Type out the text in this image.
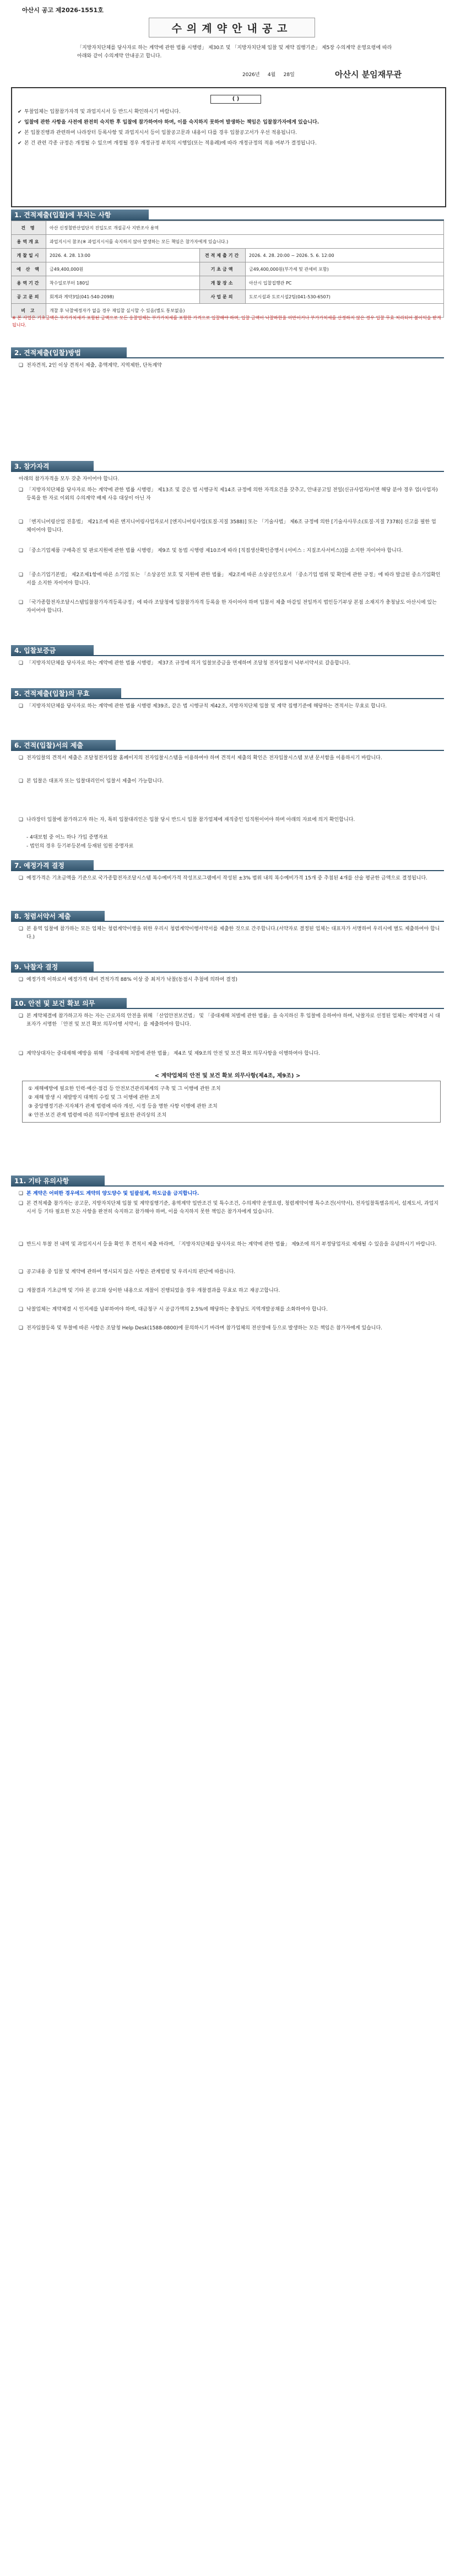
아산시 공고 제2026-1551호
수의계약안내공고
「지방자치단체를 당사자로 하는 계약에 관한 법률 시행령」 제30조 및 「지방자치단체 입찰 및 계약 집행기준」 제5장 수의계약 운영요령에 따라 아래와 같이 수의계약 안내공고 합니다.
2026년 4월 28일	아산시 분임재무관
( )
✔ 투찰업체는 입찰참가자격 및 과업지시서 등 반드시 확인하시기 바랍니다.
✔ 입찰에 관한 사항을 사전에 완전히 숙지한 후 입찰에 참가하여야 하며, 이를 숙지하지 못하여 발생하는 책임은 입찰참가자에게 있습니다.
✔ 본 입찰진행과 관련하여 나라장터 등록사항 및 과업지시서 등이 입찰공고문과 내용이 다를 경우 입찰공고서가 우선 적용됩니다.
✔ 본 건 관련 각종 규정은 개정될 수 있으며 개정될 경우 개정규정 부칙의 시행일(또는 적용례)에 따라 개정규정의 적용 여부가 결정됩니다.
1. 견적제출(입찰)에 부치는 사항
건 명	아산 신정철반산업단지 진입도로 개설공사 지반조사 용역		
용역개요	과업지시서 참조(※ 과업지시서를 숙지하지 않아 발생하는 모든 책임은 참가자에게 있습니다.)		
개찰일시	2026. 4. 28. 13:00	견적제출기간	2026. 4. 28. 20:00 ~ 2026. 5. 6. 12:00
예 산 액	금49,400,000원	기초금액	금49,400,000원(부가세 및 관세비 포함)
용역기간	착수일로부터 180일	개찰장소	아산시 입찰집행관 PC
공고문의	회계과 계약3팀(041-540-2098)	사업문의	도로시설과 도로시설2팀(041-530-6507)
비 고	개찰 후 낙찰예정자가 없을 경우 재입찰 실시할 수 있음(별도 통보없음)		
※ 본 사업은 기초금액은 부가가치세가 포함된 금액으로 모든 응찰업체는 부가가치세를 포함한 가격으로 입찰해야 하며, 입찰 금액이 낙찰하한율 미만이거나 부가가치세를 산정하지 않은 경우 입찰 무효 처리되어 불이익을 받게 됩니다.
2. 견적제출(입찰)방법
❏ 전자견적, 2인 이상 견적서 제출, 총액계약, 지역제한, 단독계약
3. 참가자격
아래의 참가자격을 모두 갖춘 자이어야 합니다.
❏ 「지방자치단체를 당사자로 하는 계약에 관한 법률 시행령」 제13조 및 같은 법 시행규칙 제14조 규정에 의한 자격요건을 갖추고, 안내공고일 전일(신규사업자)이면 해당 분야 경우 업(사업자)등록을 한 자로 이외의 수의계약 배제 사유 대상이 아닌 자
❏ 「엔지니어링산업 진흥법」 제21조에 따른 엔지니어링사업자로서 [엔지니어링사업(토질·지질 3588)] 또는 「기술사법」 제6조 규정에 의한 [기술사사무소(토질·지질 7378)] 신고를 필한 업체이어야 합니다.
❏ 「중소기업제품 구매촉진 및 판로지원에 관한 법률 시행령」 제9조 및 동법 시행령 제10조에 따라 [직접생산확인증명서 (서비스 : 지질조사서비스)]를 소지한 자이어야 합니다.
❏ 「중소기업기본법」 제2조제1항에 따른 소기업 또는 「소상공인 보호 및 지원에 관한 법률」 제2조에 따른 소상공인으로서 「중소기업 범위 및 확인에 관한 규정」에 따라 발급된 중소기업확인서를 소지한 자이어야 합니다.
❏ 「국가종합전자조달시스템입찰참가자격등록규정」에 따라 조달청에 입찰참가자격 등록을 한 자이어야 하며 입찰서 제출 마감일 전일까지 법인등기부상 본점 소재지가 충청남도 아산시에 있는 자이어야 합니다.
4. 입찰보증금
❏ 「지방자치단체를 당사자로 하는 계약에 관한 법률 시행령」 제37조 규정에 의거 입찰보증금을 면제하며 조달청 전자입찰서 낙부서약서로 갈음합니다.
5. 견적제출(입찰)의 무효
❏ 「지방자치단체를 당사자로 하는 계약에 관한 법률 시행령 제39조, 같은 법 시행규칙 제42조, 지방자치단체 입찰 및 계약 집행기준에 해당하는 견적서는 무효로 합니다.
6. 견적(입찰)서의 제출
❏ 전자입찰의 견적서 제출은 조달청전자입찰 홈페이지의 전자입찰시스템을 이용하여야 하며 견적서 제출의 확인은 전자입찰시스템 보낸 문서함을 이용하시기 바랍니다.
❏ 본 입찰은 대표자 또는 입찰대리인이 입찰서 제출이 가능합니다.
❏ 나라장터 입찰에 참가하고자 하는 자, 특히 입찰대리인은 입찰 당시 반드시 입찰 참가업체에 재직중인 임직원이어야 하며 아래의 자료에 의거 확인합니다.
- 4대보험 중 어느 하나 가입 증명자료
- 법인의 경우 등기부등본에 등재된 임원 증명자료
7. 예정가격 결정
❏ 예정가격은 기초금액을 기준으로 국가종합전자조달시스템 복수예비가격 작성프로그램에서 작성된 ±3% 범위 내의 복수예비가격 15개 중 추첨된 4개를 산술 평균한 금액으로 결정됩니다.
8. 청렴서약서 제출
❏ 본 용역 입찰에 참가하는 모든 업체는 청렴계약이행을 위한 우리시 청렴계약이행서약서를 제출한 것으로 간주합니다.(서약자로 결정된 업체는 대표자가 서명하여 우리시에 별도 제출하여야 합니다.)
9. 낙찰자 결정
❏ 예정가격 이하로서 예정가격 대비 견적가격 88% 이상 중 최저가 낙찰(동점시 추첨에 의하여 결정)
10. 안전 및 보건 확보 의무
❏ 본 계약체결에 참가하고자 하는 자는 근로자의 안전을 위해 「산업안전보건법」 및 「중대재해 처벌에 관한 법률」을 숙지하신 후 입찰에 응하여야 하며, 낙찰자로 선정된 업체는 계약체결 시 대표자가 서명한 「안전 및 보건 확보 의무이행 서약서」를 제출하여야 합니다.
❏ 계약상대자는 중대재해 예방을 위해 「중대재해 처벌에 관한 법률」 제4조 및 제9조의 안전 및 보건 확보 의무사항을 이행하여야 합니다.
< 계약업체의 안전 및 보건 확보 의무사항(제4조, 제9조) >
① 재해예방에 필요한 인력·예산·점검 등 안전보건관리체계의 구축 및 그 이행에 관한 조치
② 재해 발생 시 재발방지 대책의 수립 및 그 이행에 관한 조치
③ 중앙행정기관·지자체가 관계 법령에 따라 개선, 시정 등을 명한 사항 이행에 관한 조치
④ 안전·보건 관계 법령에 따른 의무이행에 필요한 관리상의 조치
11. 기타 유의사항
❏ 본 계약은 어떠한 경우에도 계약의 양도양수 및 일괄설계, 하도급을 금지합니다.
❏ 본 견적제출 참가자는 공고문, 지방자치단체 입찰 및 계약집행기준, 용역계약 일반조건 및 특수조건, 수의계약 운영요령, 청렴계약이행 특수조건(서약서), 전자입찰특별유의서, 설계도서, 과업지시서 등 기타 필요한 모든 사항을 완전히 숙지하고 참가해야 하며, 이를 숙지하지 못한 책임은 참가자에게 있습니다.
❏ 반드시 투찰 전 내역 및 과업지시서 등을 확인 후 견적서 제출 바라며, 「지방자치단체를 당사자로 하는 계약에 관한 법률」 제9조에 의거 부정당업자로 제재될 수 있음을 유념하시기 바랍니다.
❏ 공고내용 중 입찰 및 계약에 관하여 명시되지 않은 사항은 관계법령 및 우리시의 판단에 따릅니다.
❏ 개찰결과 기초금액 및 기타 본 공고와 상이한 내용으로 개찰이 진행되었을 경우 개찰결과를 무효로 하고 재공고합니다.
❏ 낙찰업체는 계약체결 시 인지세를 납부하여야 하며, 대금청구 시 공급가액의 2.5%에 해당하는 충청남도 지역개발공채를 소화하여야 합니다.
❏ 전자입찰등록 및 투찰에 따른 사항은 조달청 Help Desk(1588-0800)에 문의하시기 바라며 참가업체의 전산장애 등으로 발생하는 모든 책임은 참가자에게 있습니다.
